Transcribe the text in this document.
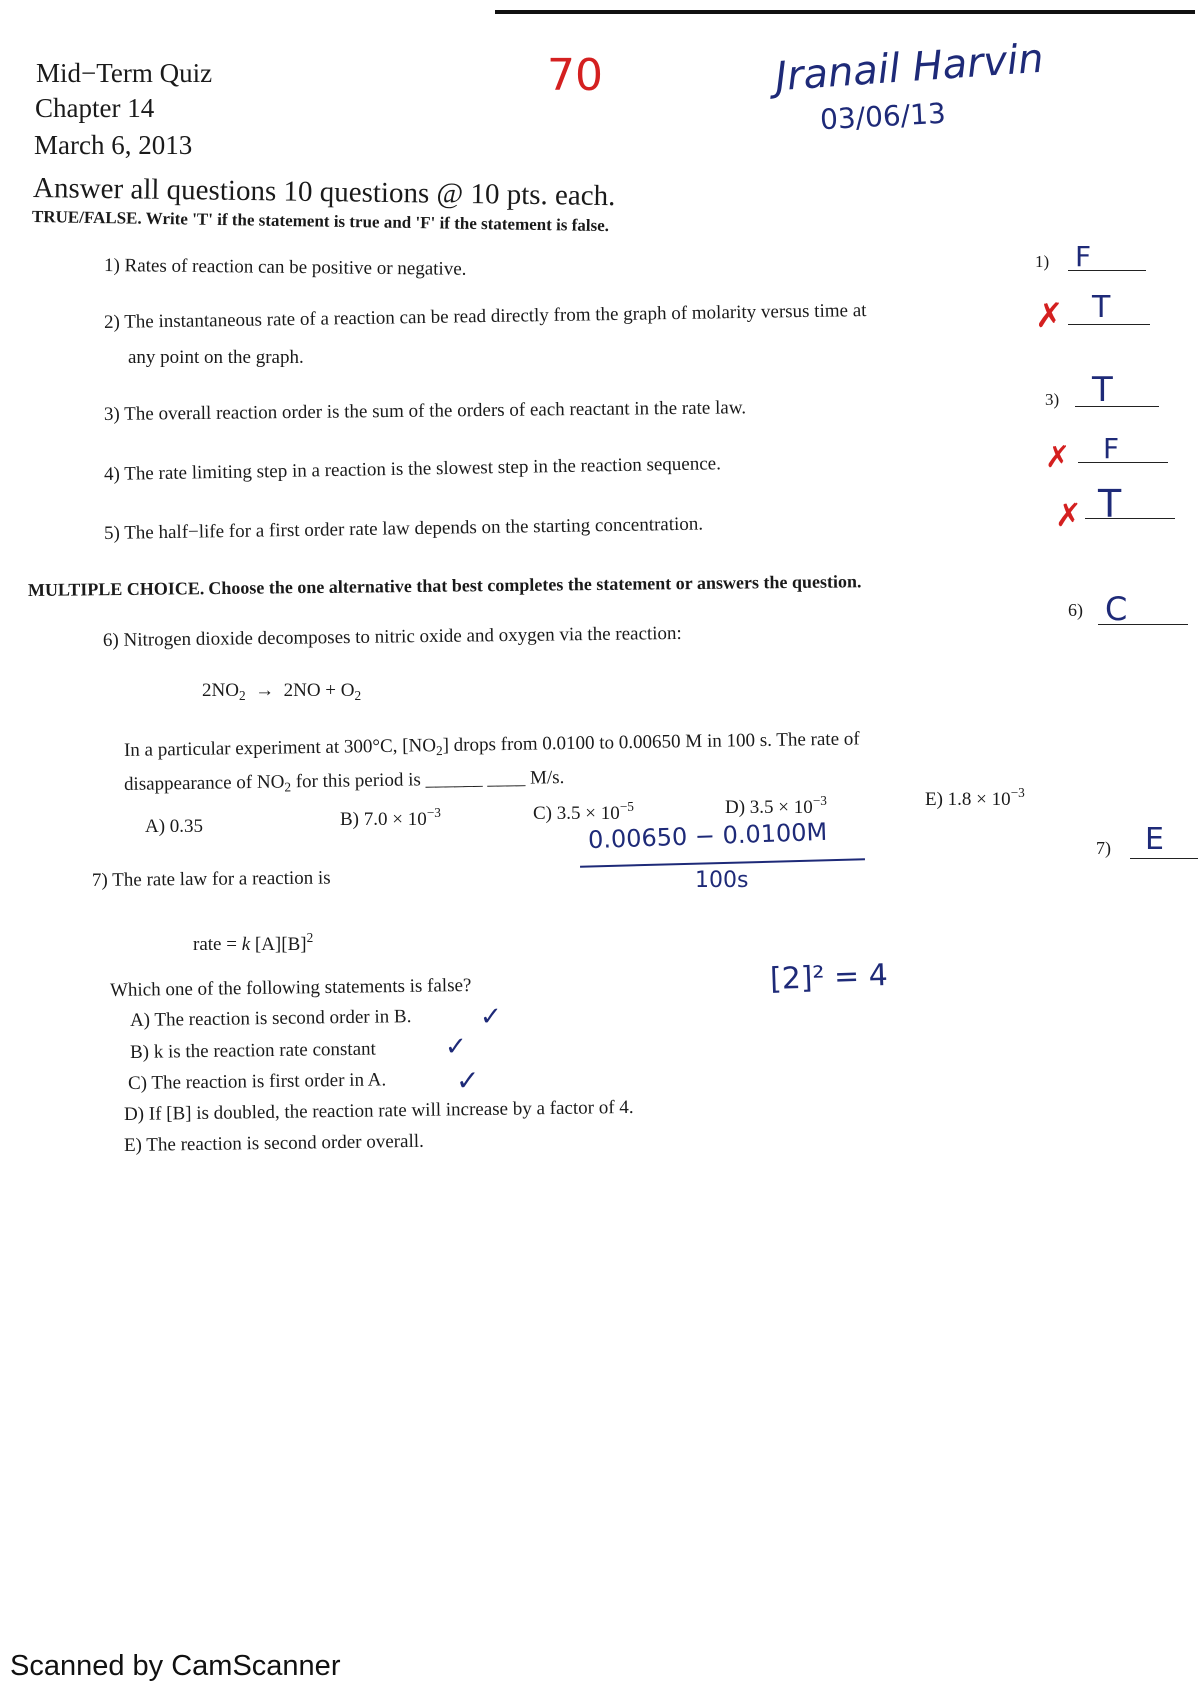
Mid−Term Quiz
Chapter 14
March 6, 2013
Answer all questions 10 questions @ 10 pts. each.
70	Jranail Harvin
03/06/13
TRUE/FALSE. Write 'T' if the statement is true and 'F' if the statement is false.
1) Rates of reaction can be positive or negative.	1) F
2) The instantaneous rate of a reaction can be read directly from the graph of molarity versus time at
any point on the graph.
✗ T
3) The overall reaction order is the sum of the orders of each reactant in the rate law.	3) T
4) The rate limiting step in a reaction is the slowest step in the reaction sequence.	✗ F
5) The half−life for a first order rate law depends on the starting concentration.	✗ T
MULTIPLE CHOICE. Choose the one alternative that best completes the statement or answers the question.
6) Nitrogen dioxide decomposes to nitric oxide and oxygen via the reaction:
6) C
$2NO_2 \to 2NO + O_2$
In a particular experiment at 300°C, $[NO_2]$ drops from 0.0100 to 0.00650 M in 100 s. The rate of
disappearance of $NO_2$ for this period is ______ ____ M/s.
A) 0.35	B) $7.0 \times 10^{-3}$	C) $3.5 \times 10^{-5}$	D) $3.5 \times 10^{-3}$	E) $1.8 \times 10^{-3}$
0.00650 − 0.0100M
100s
7) The rate law for a reaction is
7) E
rate = k $[A][B]^2$
[2]² = 4
Which one of the following statements is false?
A) The reaction is second order in B.
B) k is the reaction rate constant
C) The reaction is first order in A.
D) If [B] is doubled, the reaction rate will increase by a factor of 4.
E) The reaction is second order overall.
✓
✓
✓
Scanned by CamScanner
